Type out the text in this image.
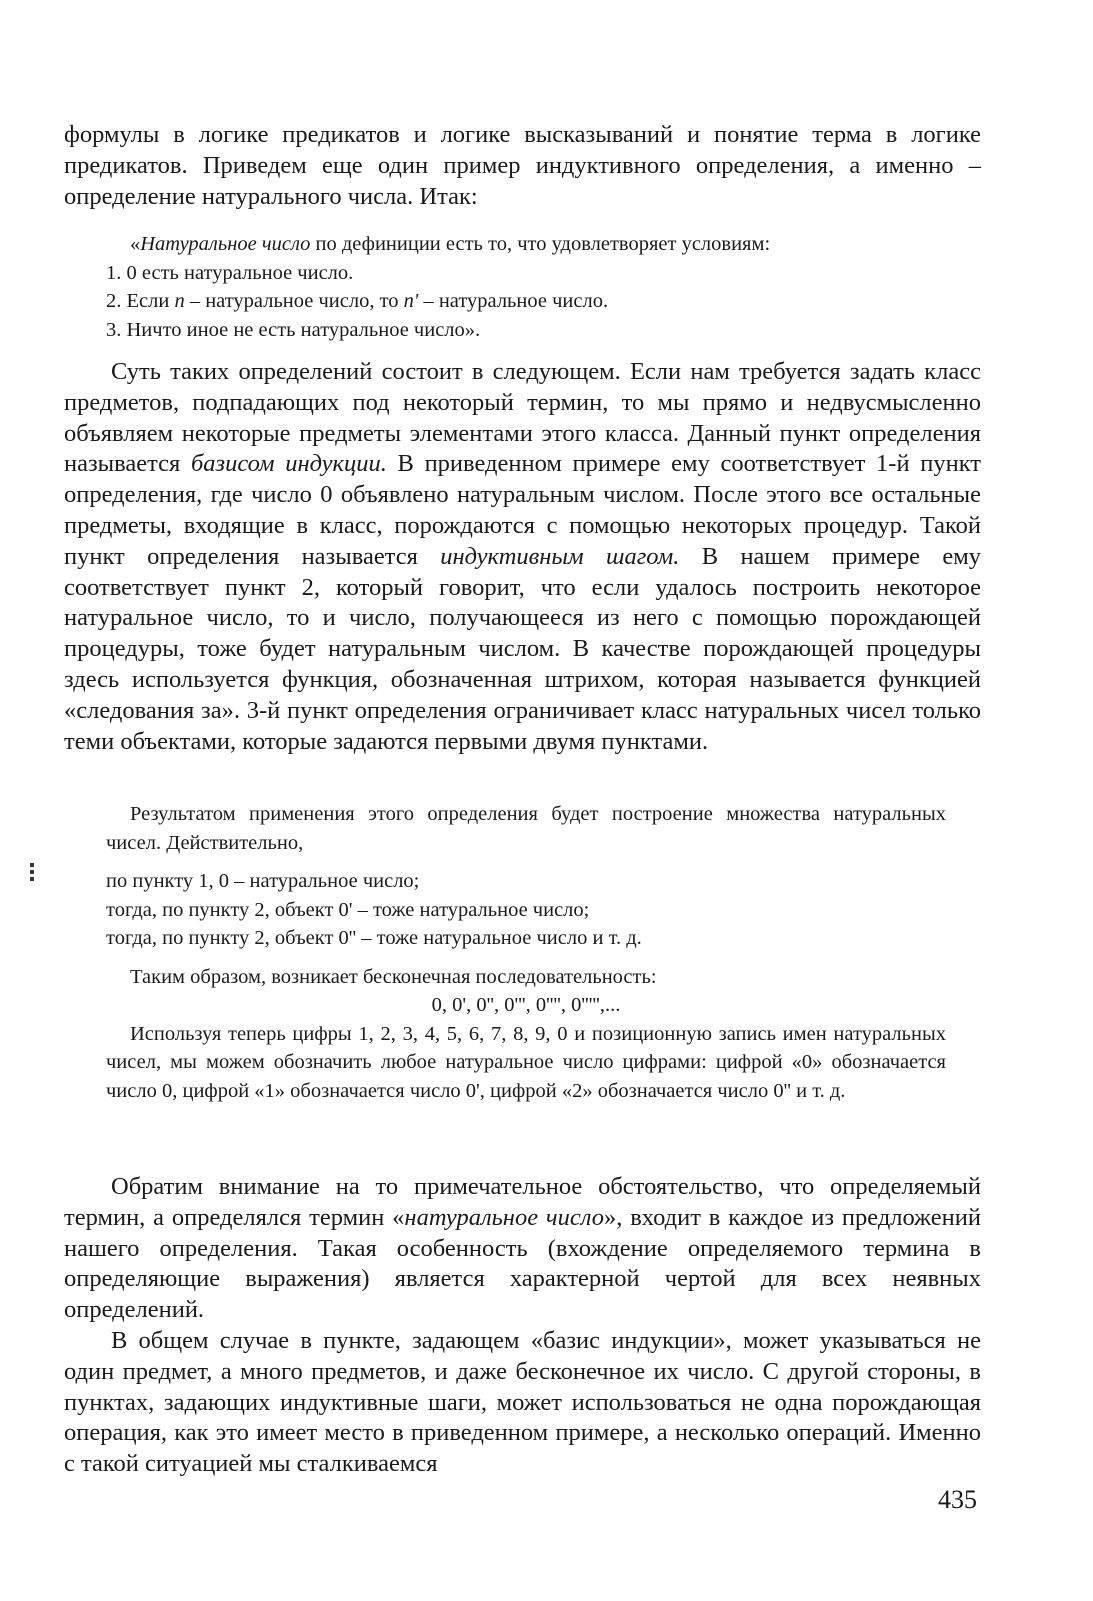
формулы в логике предикатов и логике высказываний и понятие терма в логике предикатов. Приведем еще один пример индуктивного определения, а именно – определение натурального числа. Итак:

«Натуральное число по дефиниции есть то, что удовлетворяет условиям:

1. 0 есть натуральное число.

2. Если n – натуральное число, то n' – натуральное число.

3. Ничто иное не есть натуральное число».

Суть таких определений состоит в следующем. Если нам требуется задать класс предметов, подпадающих под некоторый термин, то мы прямо и недвусмысленно объявляем некоторые предметы элементами этого класса. Данный пункт определения называется базисом индукции. В приведенном примере ему соответствует 1-й пункт определения, где число 0 объявлено натуральным числом. После этого все остальные предметы, входящие в класс, порождаются с помощью некоторых процедур. Такой пункт определения называется индуктивным шагом. В нашем примере ему соответствует пункт 2, который говорит, что если удалось построить некоторое натуральное число, то и число, получающееся из него с помощью порождающей процедуры, тоже будет натуральным числом. В качестве порождающей процедуры здесь используется функция, обозначенная штрихом, которая называется функцией «следования за». 3-й пункт определения ограничивает класс натуральных чисел только теми объектами, которые задаются первыми двумя пунктами.

Результатом применения этого определения будет построение множества натуральных чисел. Действительно,

по пункту 1, 0 – натуральное число;

тогда, по пункту 2, объект 0' – тоже натуральное число;

тогда, по пункту 2, объект 0'' – тоже натуральное число и т. д.

Таким образом, возникает бесконечная последовательность:

0, 0', 0'', 0''', 0'''', 0''''',...

Используя теперь цифры 1, 2, 3, 4, 5, 6, 7, 8, 9, 0 и позиционную запись имен натуральных чисел, мы можем обозначить любое натуральное число цифрами: цифрой «0» обозначается число 0, цифрой «1» обозначается число 0', цифрой «2» обозначается число 0'' и т. д.

Обратим внимание на то примечательное обстоятельство, что определяемый термин, а определялся термин «натуральное число», входит в каждое из предложений нашего определения. Такая особенность (вхождение определяемого термина в определяющие выражения) является характерной чертой для всех неявных определений.

В общем случае в пункте, задающем «базис индукции», может указываться не один предмет, а много предметов, и даже бесконечное их число. С другой стороны, в пунктах, задающих индуктивные шаги, может использоваться не одна порождающая операция, как это имеет место в приведенном примере, а несколько операций. Именно с такой ситуацией мы сталкиваемся

435
